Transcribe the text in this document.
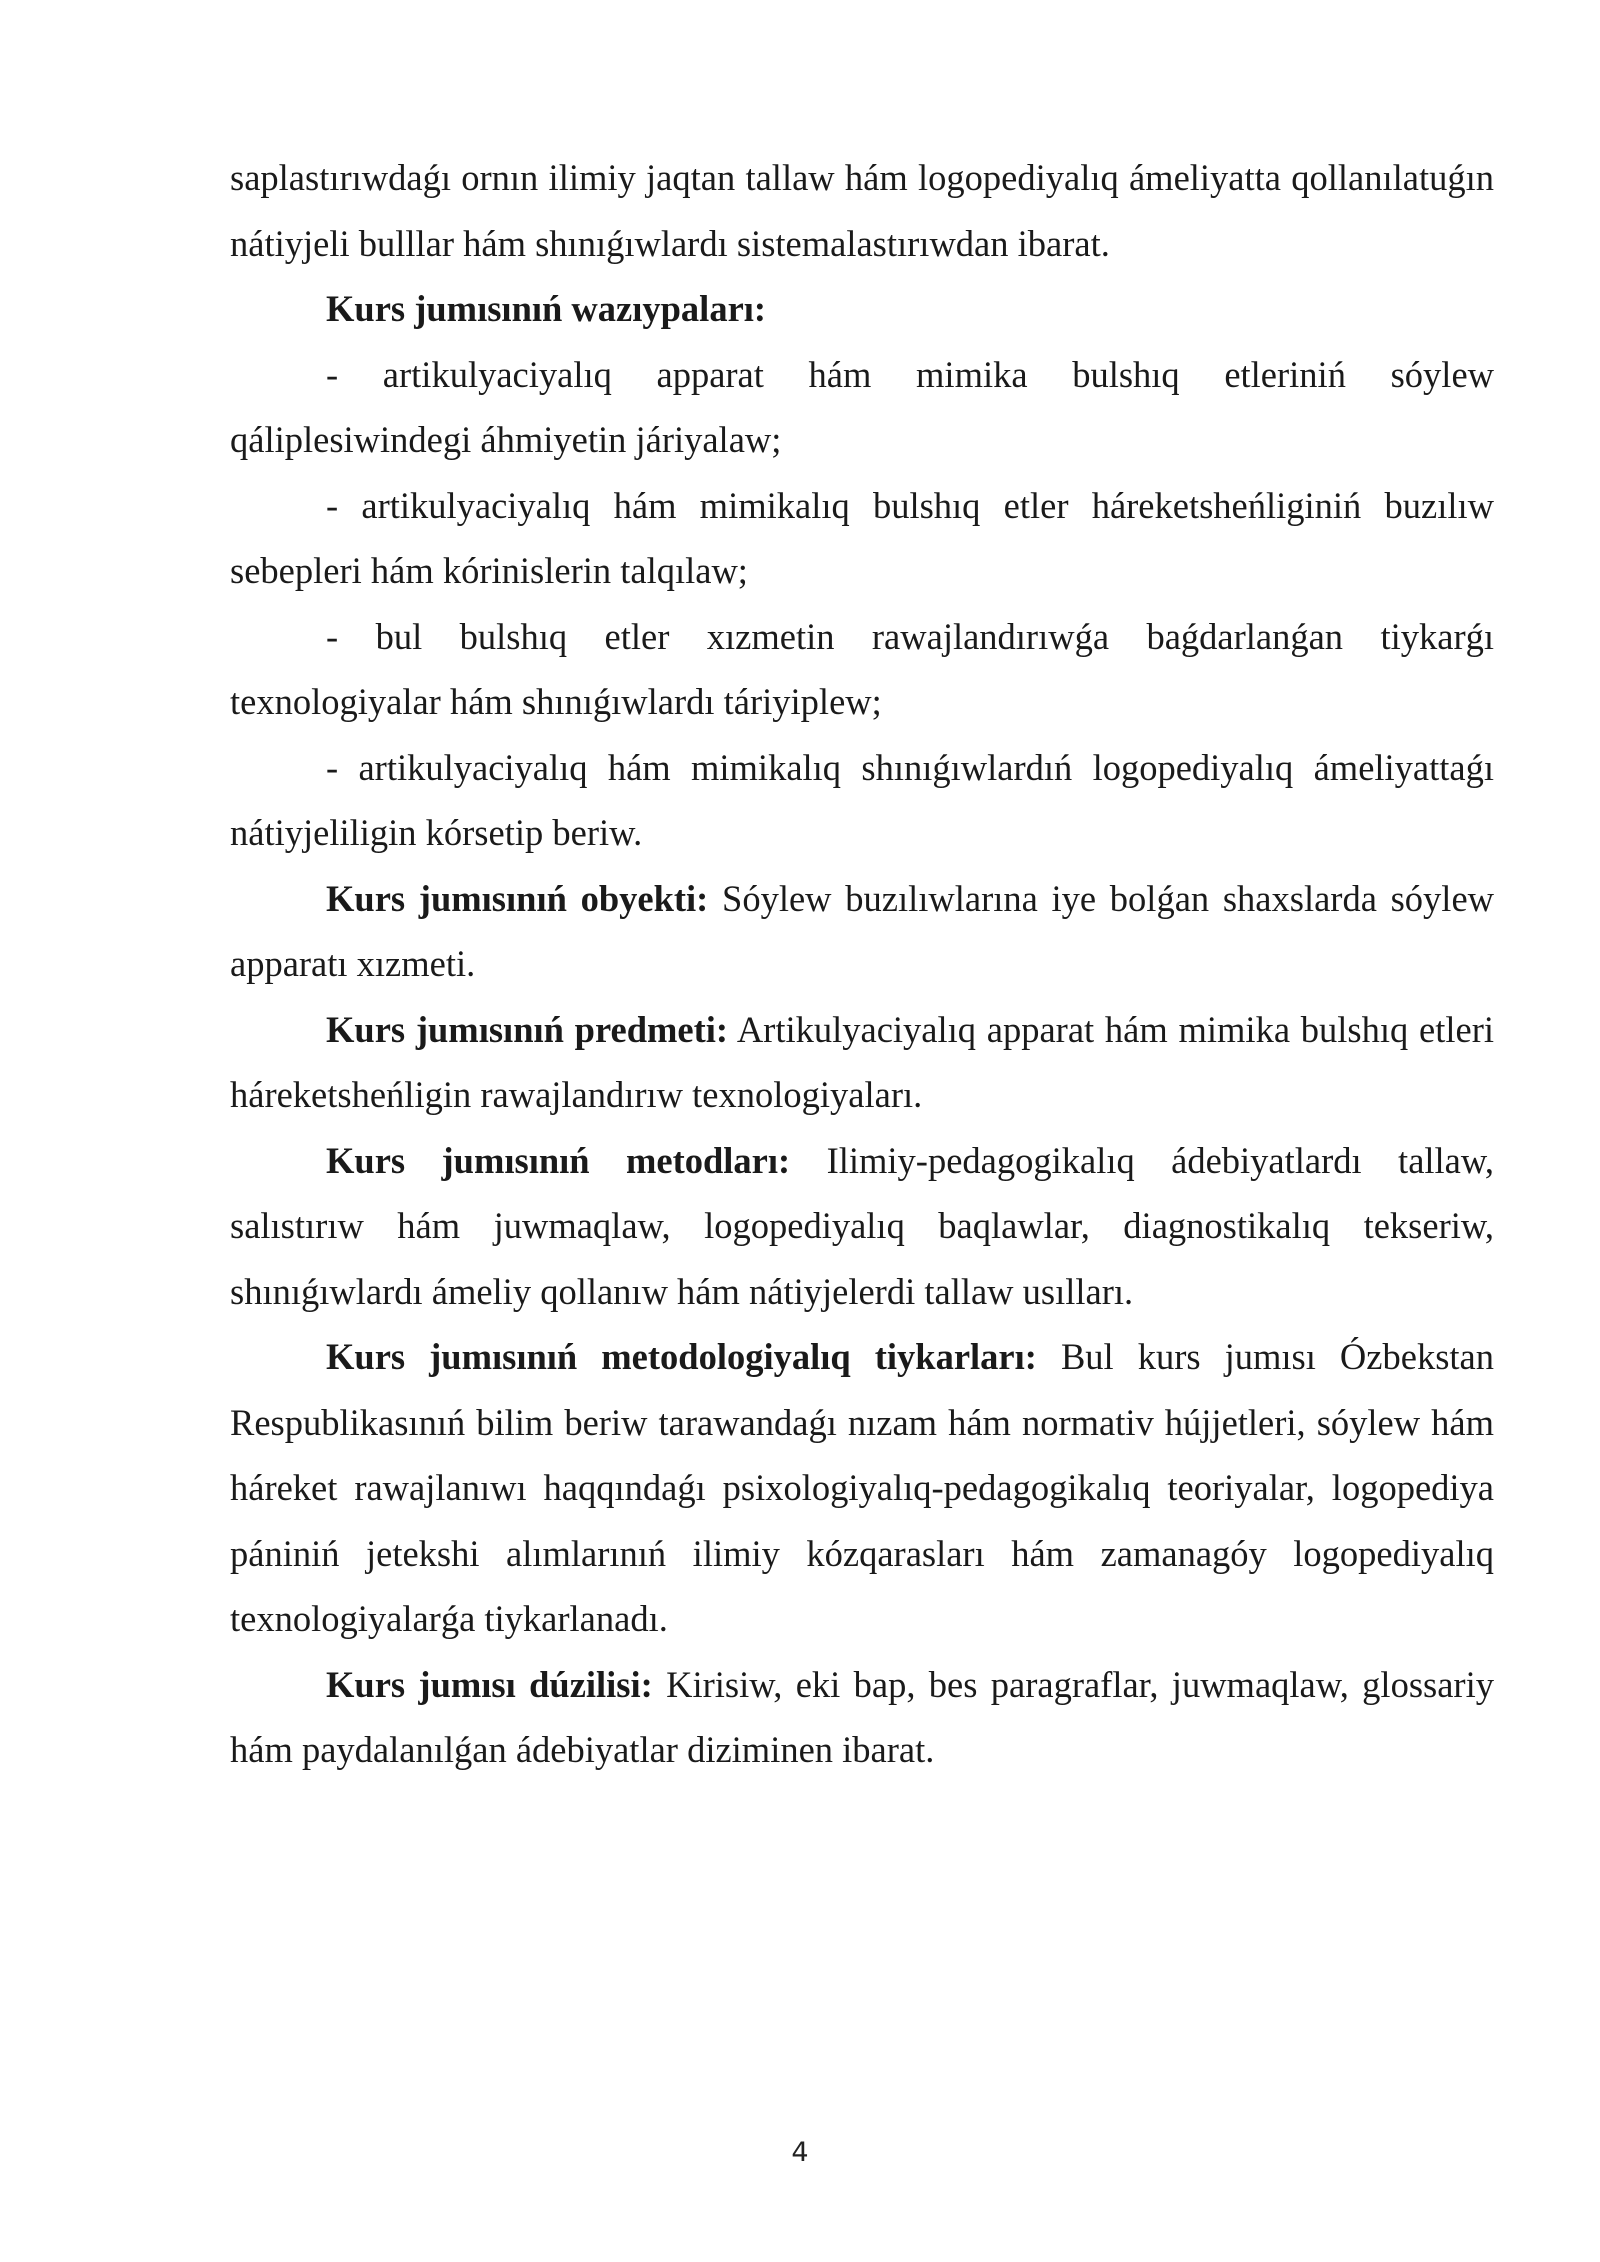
saplastırıwdaǵı ornın ilimiy jaqtan tallaw hám logopediyalıq ámeliyatta qollanılatuǵın nátiyjeli bulllar hám shınıǵıwlardı sistemalastırıwdan ibarat.

Kurs jumısınıń wazıypaları:

- artikulyaciyalıq apparat hám mimika bulshıq etleriniń sóylew qáliplesiwindegi áhmiyetin járiyalaw;

- artikulyaciyalıq hám mimikalıq bulshıq etler háreketsheńliginiń buzılıw sebepleri hám kórinislerin talqılaw;

- bul bulshıq etler xızmetin rawajlandırıwǵa baǵdarlanǵan tiykarǵı texnologiyalar hám shınıǵıwlardı táriyiplew;

- artikulyaciyalıq hám mimikalıq shınıǵıwlardıń logopediyalıq ámeliyattaǵı nátiyjeliligin kórsetip beriw.

Kurs jumısınıń obyekti: Sóylew buzılıwlarına iye bolǵan shaxslarda sóylew apparatı xızmeti.

Kurs jumısınıń predmeti: Artikulyaciyalıq apparat hám mimika bulshıq etleri háreketsheńligin rawajlandırıw texnologiyaları.

Kurs jumısınıń metodları: Ilimiy-pedagogikalıq ádebiyatlardı tallaw, salıstırıw hám juwmaqlaw, logopediyalıq baqlawlar, diagnostikalıq tekseriw, shınıǵıwlardı ámeliy qollanıw hám nátiyjelerdi tallaw usılları.

Kurs jumısınıń metodologiyalıq tiykarları: Bul kurs jumısı Ózbekstan Respublikasınıń bilim beriw tarawandaǵı nızam hám normativ hújjetleri, sóylew hám háreket rawajlanıwı haqqındaǵı psixologiyalıq-pedagogikalıq teoriyalar, logopediya pániniń jetekshi alımlarınıń ilimiy kózqarasları hám zamanagóy logopediyalıq texnologiyalarǵa tiykarlanadı.

Kurs jumısı dúzilisi: Kirisiw, eki bap, bes paragraflar, juwmaqlaw, glossariy hám paydalanılǵan ádebiyatlar diziminen ibarat.

4
